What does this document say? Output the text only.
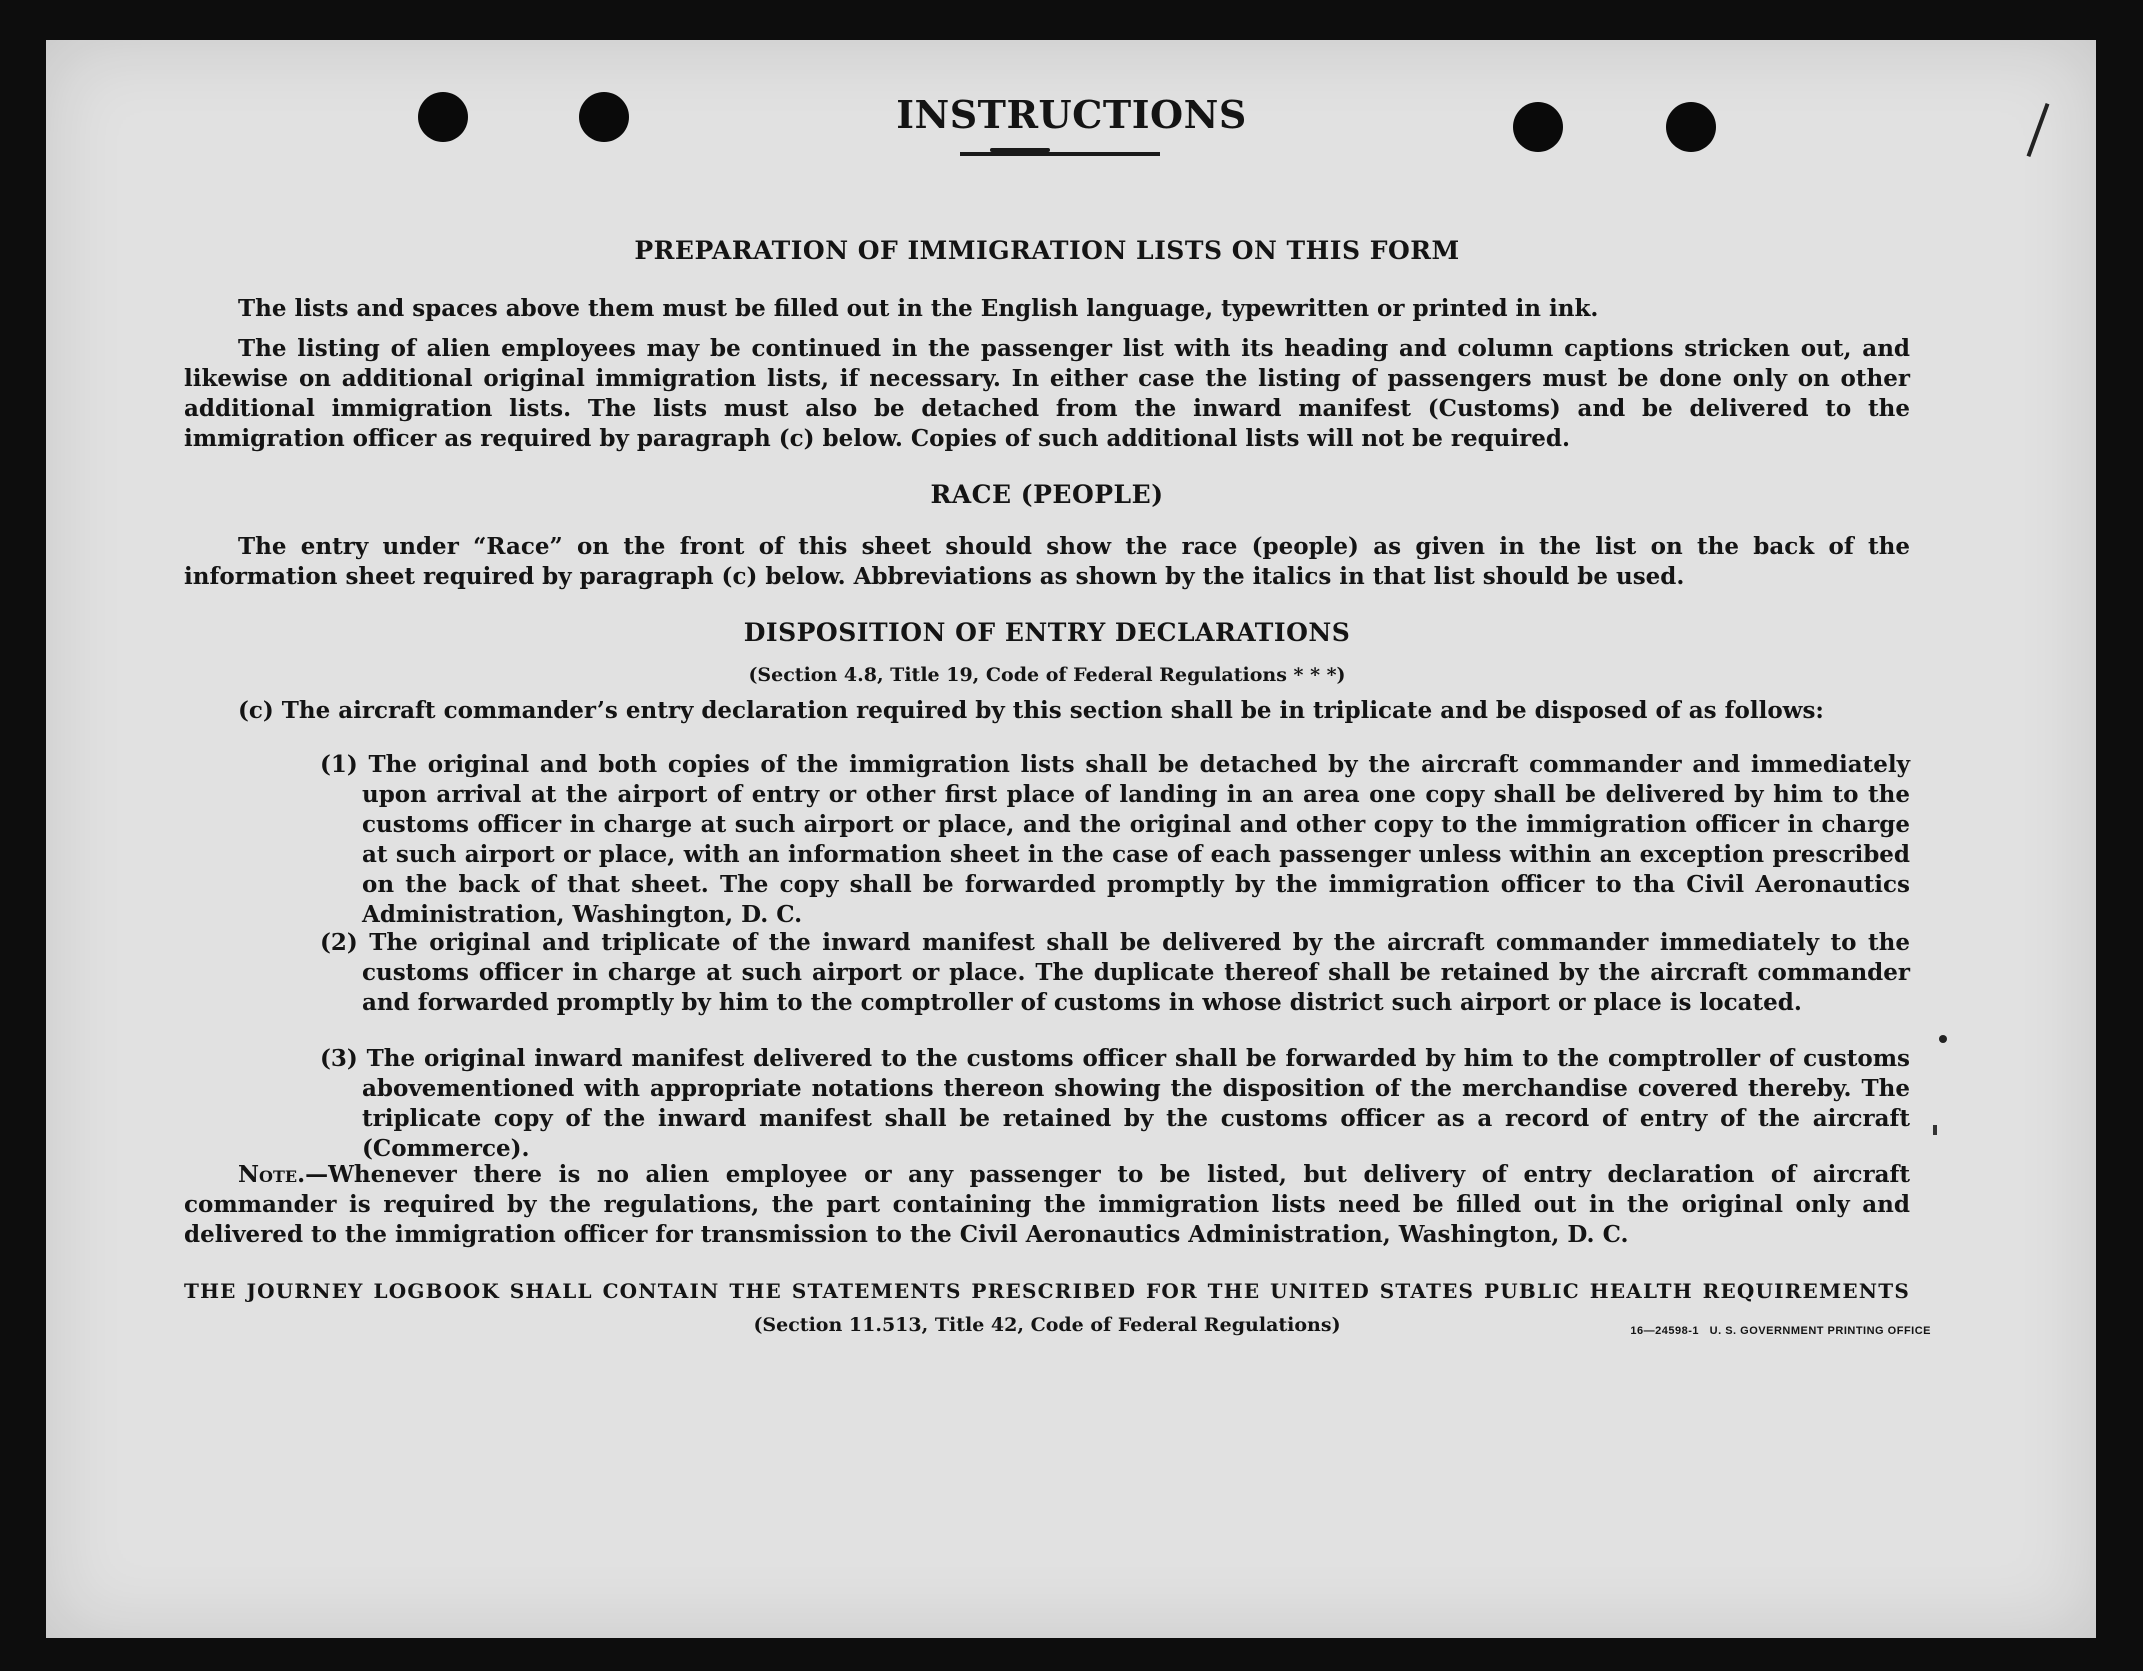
INSTRUCTIONS
PREPARATION OF IMMIGRATION LISTS ON THIS FORM
The lists and spaces above them must be filled out in the English language, typewritten or printed in ink.
The listing of alien employees may be continued in the passenger list with its heading and column captions stricken out, and likewise on additional original immigration lists, if necessary. In either case the listing of passengers must be done only on other additional immigration lists. The lists must also be detached from the inward manifest (Customs) and be delivered to the immigration officer as required by paragraph (c) below. Copies of such additional lists will not be required.
RACE (PEOPLE)
The entry under “Race” on the front of this sheet should show the race (people) as given in the list on the back of the information sheet required by paragraph (c) below. Abbreviations as shown by the italics in that list should be used.
DISPOSITION OF ENTRY DECLARATIONS
(Section 4.8, Title 19, Code of Federal Regulations * * *)
(c) The aircraft commander’s entry declaration required by this section shall be in triplicate and be disposed of as follows:
(1) The original and both copies of the immigration lists shall be detached by the aircraft commander and immediately upon arrival at the airport of entry or other first place of landing in an area one copy shall be delivered by him to the customs officer in charge at such airport or place, and the original and other copy to the immigration officer in charge at such airport or place, with an information sheet in the case of each passenger unless within an exception prescribed on the back of that sheet. The copy shall be forwarded promptly by the immigration officer to tha Civil Aeronautics Administration, Washington, D. C.
(2) The original and triplicate of the inward manifest shall be delivered by the aircraft commander immediately to the customs officer in charge at such airport or place. The duplicate thereof shall be retained by the aircraft commander and forwarded promptly by him to the comptroller of customs in whose district such airport or place is located.
(3) The original inward manifest delivered to the customs officer shall be forwarded by him to the comptroller of customs abovementioned with appropriate notations thereon showing the disposition of the merchandise covered thereby. The triplicate copy of the inward manifest shall be retained by the customs officer as a record of entry of the aircraft (Commerce).
Note.—Whenever there is no alien employee or any passenger to be listed, but delivery of entry declaration of aircraft commander is required by the regulations, the part containing the immigration lists need be filled out in the original only and delivered to the immigration officer for transmission to the Civil Aeronautics Administration, Washington, D. C.
THE JOURNEY LOGBOOK SHALL CONTAIN THE STATEMENTS PRESCRIBED FOR THE UNITED STATES PUBLIC HEALTH REQUIREMENTS
(Section 11.513, Title 42, Code of Federal Regulations)	16—24598-1 U. S. GOVERNMENT PRINTING OFFICE
